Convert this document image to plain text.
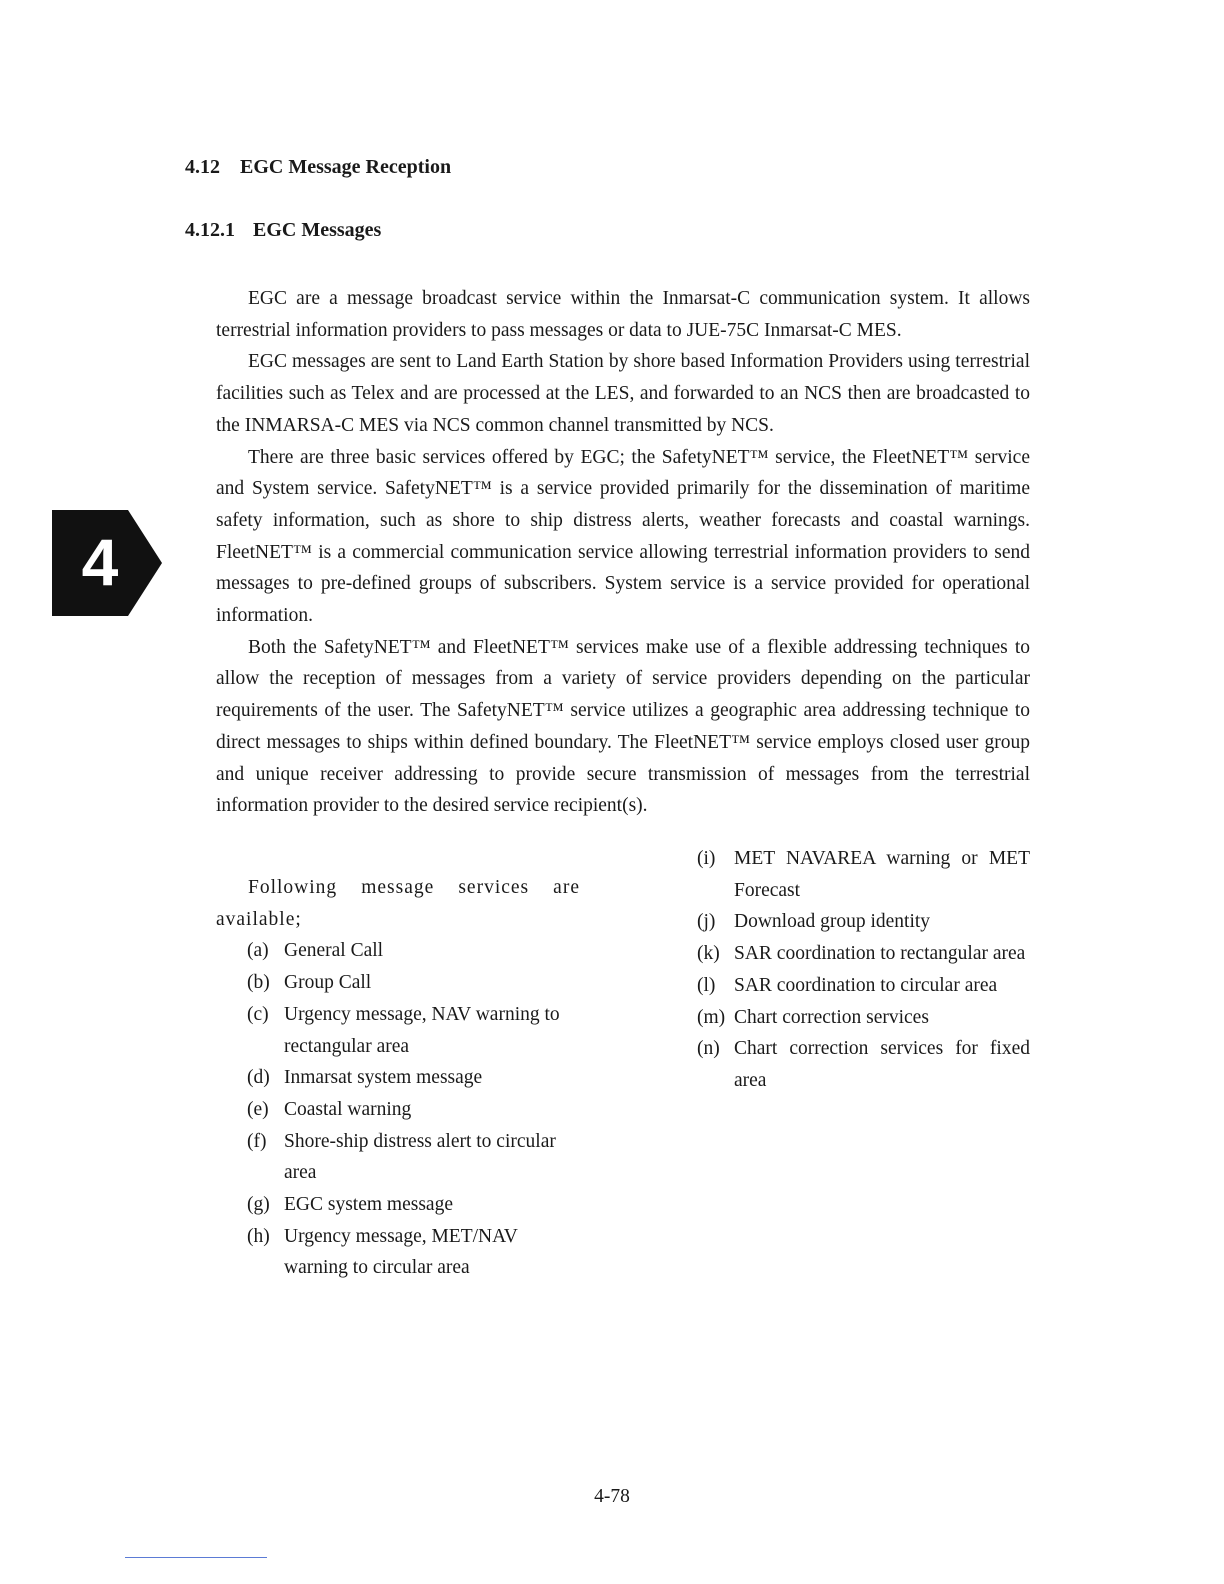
4.12 EGC Message Reception
4.12.1 EGC Messages

EGC are a message broadcast service within the Inmarsat-C communication system. It allows terrestrial information providers to pass messages or data to JUE-75C Inmarsat-C MES.

EGC messages are sent to Land Earth Station by shore based Information Providers using terrestrial facilities such as Telex and are processed at the LES, and forwarded to an NCS then are broadcasted to the INMARSA-C MES via NCS common channel transmitted by NCS.

There are three basic services offered by EGC; the SafetyNET™ service, the FleetNET™ service and System service. SafetyNET™ is a service provided primarily for the dissemination of maritime safety information, such as shore to ship distress alerts, weather forecasts and coastal warnings. FleetNET™ is a commercial communication service allowing terrestrial information providers to send messages to pre-defined groups of subscribers. System service is a service provided for operational information.

Both the SafetyNET™ and FleetNET™ services make use of a flexible addressing techniques to allow the reception of messages from a variety of service providers depending on the particular requirements of the user. The SafetyNET™ service utilizes a geographic area addressing technique to direct messages to ships within defined boundary. The FleetNET™ service employs closed user group and unique receiver addressing to provide secure transmission of messages from the terrestrial information provider to the desired service recipient(s).

4
Following message services are available;
(a) General Call
(b) Group Call
(c) Urgency message, NAV warning to rectangular area
(d) Inmarsat system message
(e) Coastal warning
(f) Shore-ship distress alert to circular area
(g) EGC system message
(h) Urgency message, MET/NAV warning to circular area
(i) MET NAVAREA warning or MET Forecast
(j) Download group identity
(k) SAR coordination to rectangular area
(l) SAR coordination to circular area
(m) Chart correction services
(n) Chart correction services for fixed area
4-78
